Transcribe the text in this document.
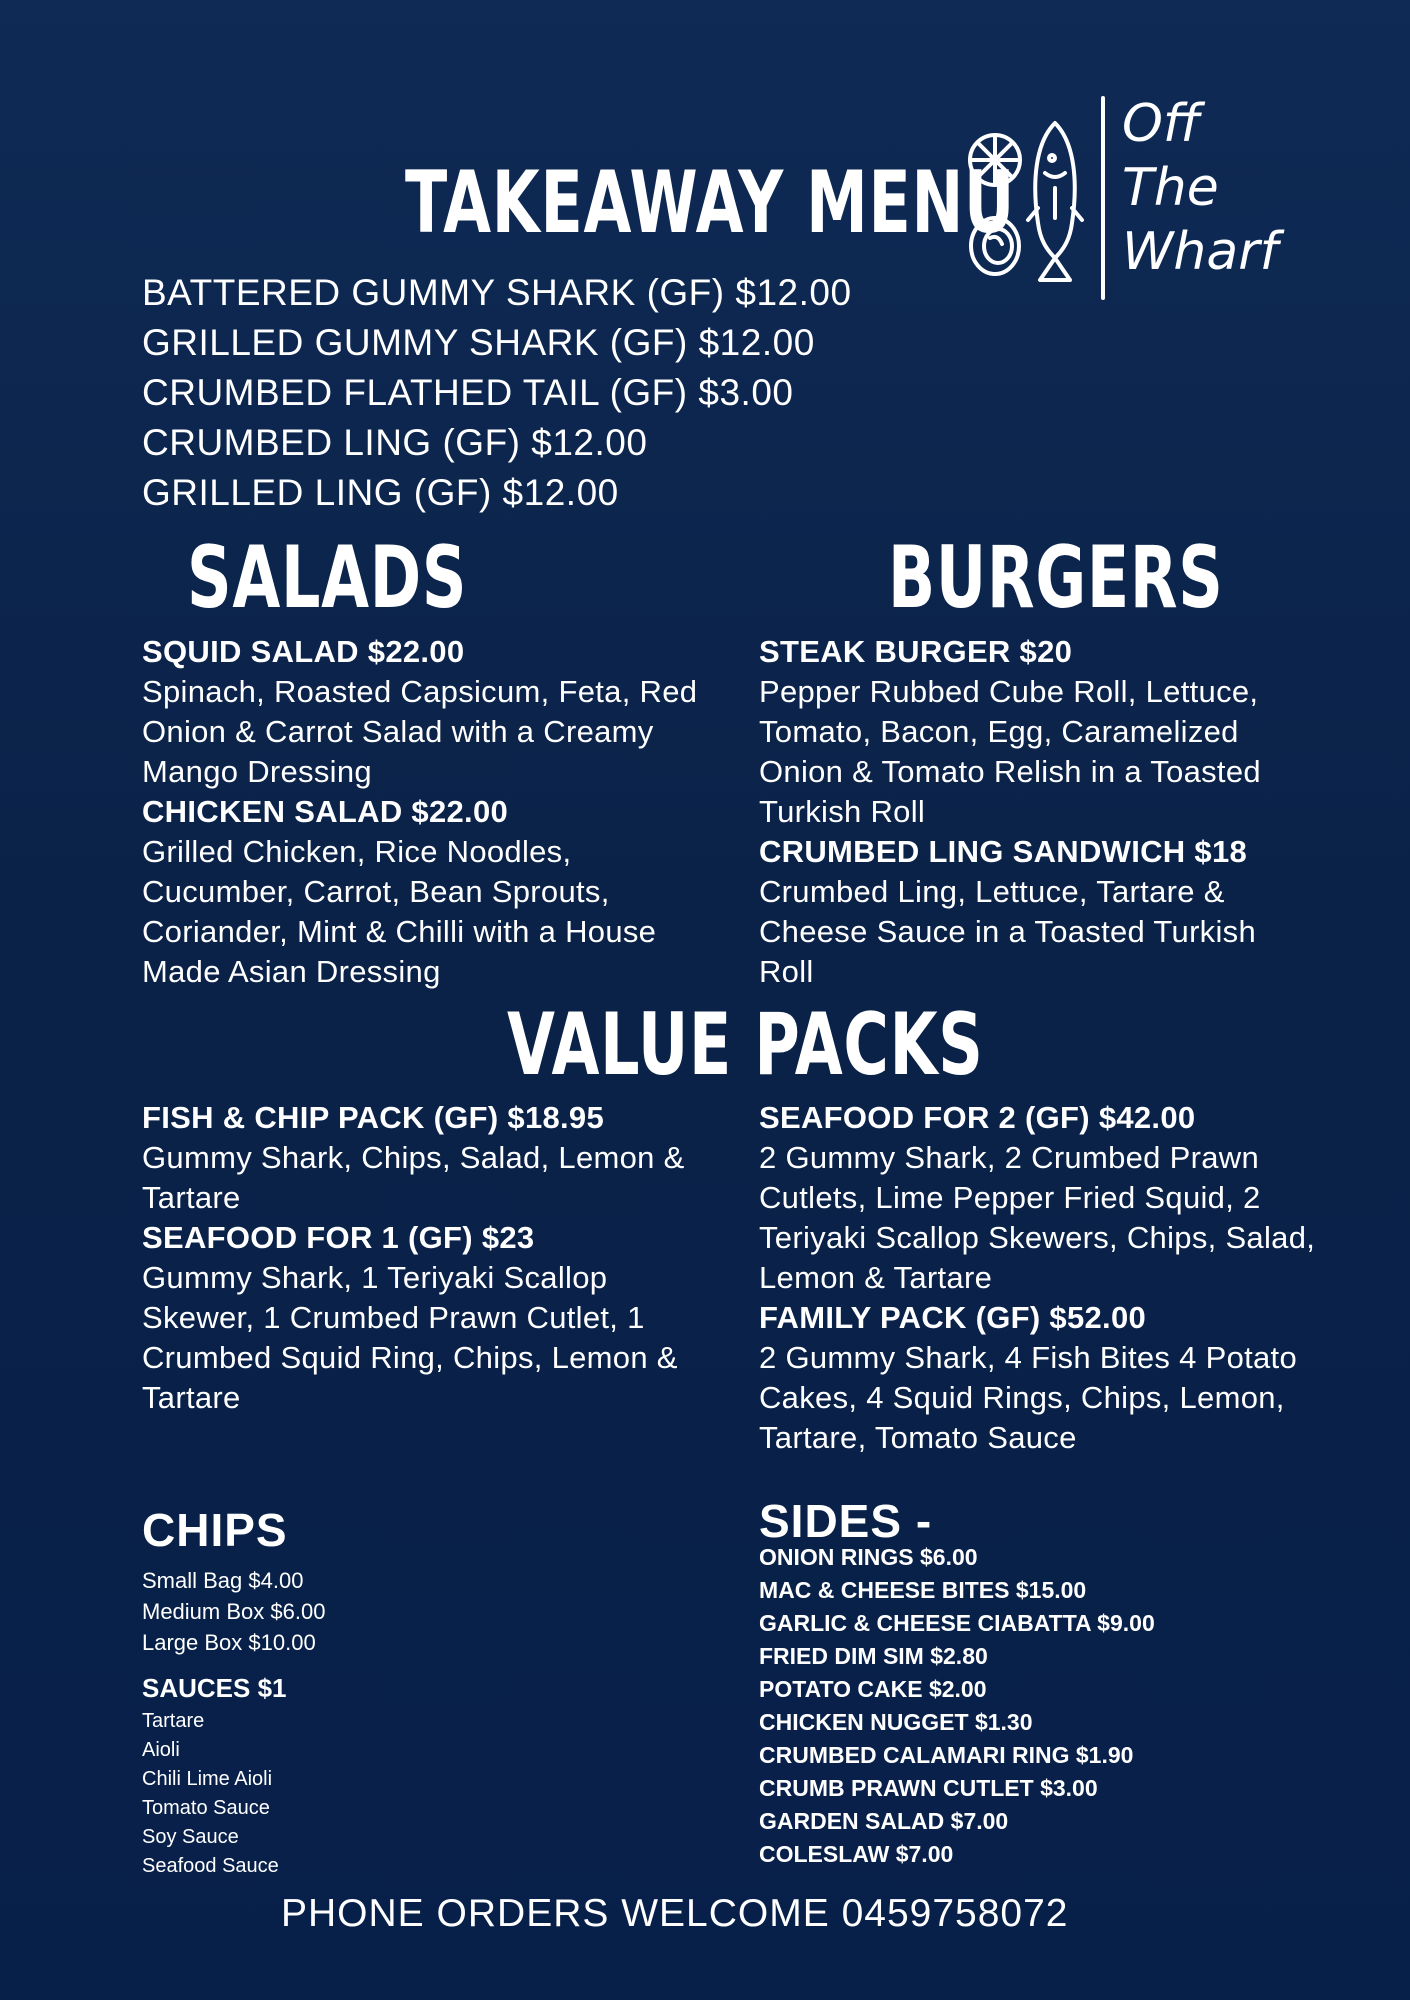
TAKEAWAY MENU
Off
The
Wharf
BATTERED GUMMY SHARK (GF) $12.00
GRILLED GUMMY SHARK (GF) $12.00
CRUMBED FLATHED TAIL (GF) $3.00
CRUMBED LING (GF) $12.00
GRILLED LING (GF) $12.00
SALADS
SQUID SALAD $22.00
Spinach, Roasted Capsicum, Feta, Red Onion & Carrot Salad with a Creamy Mango Dressing
CHICKEN SALAD $22.00
Grilled Chicken, Rice Noodles, Cucumber, Carrot, Bean Sprouts, Coriander, Mint & Chilli with a House Made Asian Dressing
BURGERS
STEAK BURGER $20
Pepper Rubbed Cube Roll, Lettuce, Tomato, Bacon, Egg, Caramelized Onion & Tomato Relish in a Toasted Turkish Roll
CRUMBED LING SANDWICH $18
Crumbed Ling, Lettuce, Tartare & Cheese Sauce in a Toasted Turkish Roll
VALUE PACKS
FISH & CHIP PACK (GF) $18.95
Gummy Shark, Chips, Salad, Lemon & Tartare
SEAFOOD FOR 1 (GF) $23
Gummy Shark, 1 Teriyaki Scallop Skewer, 1 Crumbed Prawn Cutlet, 1 Crumbed Squid Ring, Chips, Lemon & Tartare
SEAFOOD FOR 2 (GF) $42.00
2 Gummy Shark, 2 Crumbed Prawn Cutlets, Lime Pepper Fried Squid, 2 Teriyaki Scallop Skewers, Chips, Salad, Lemon & Tartare
FAMILY PACK (GF) $52.00
2 Gummy Shark, 4 Fish Bites 4 Potato Cakes, 4 Squid Rings, Chips, Lemon, Tartare, Tomato Sauce
CHIPS
Small Bag $4.00
Medium Box $6.00
Large Box $10.00
SAUCES $1
Tartare
Aioli
Chili Lime Aioli
Tomato Sauce
Soy Sauce
Seafood Sauce
SIDES -
ONION RINGS $6.00
MAC & CHEESE BITES $15.00
GARLIC & CHEESE CIABATTA $9.00
FRIED DIM SIM $2.80
POTATO CAKE $2.00
CHICKEN NUGGET $1.30
CRUMBED CALAMARI RING $1.90
CRUMB PRAWN CUTLET $3.00
GARDEN SALAD $7.00
COLESLAW $7.00
PHONE ORDERS WELCOME 0459758072
